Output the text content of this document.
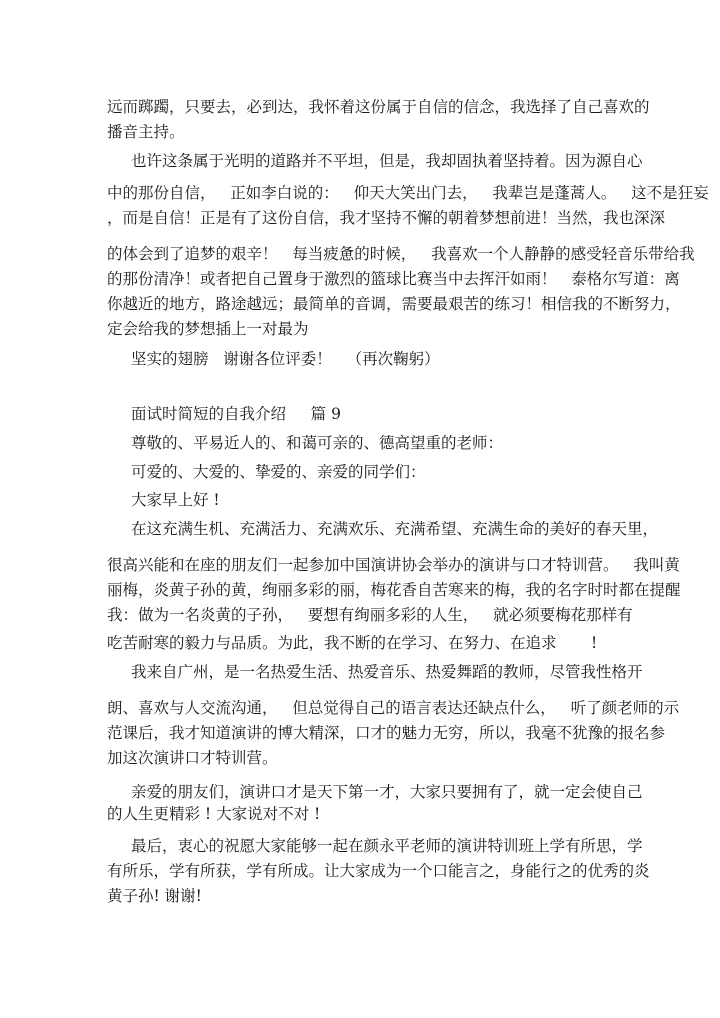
远而踯躅，只要去，必到达，我怀着这份属于自信的信念，我选择了自己喜欢的
播音主持。
也许这条属于光明的道路并不平坦，但是，我却固执着坚持着。因为源自心
中的那份自信，   正如李白说的：   仰天大笑出门去，   我辈岂是蓬蒿人。   这不是狂妄
，而是自信！正是有了这份自信，我才坚持不懈的朝着梦想前进！当然，我也深深
的体会到了追梦的艰辛！   每当疲惫的时候，   我喜欢一个人静静的感受轻音乐带给我
的那份清净！或者把自己置身于激烈的篮球比赛当中去挥汗如雨！   泰格尔写道：离
你越近的地方，路途越远；最简单的音调，需要最艰苦的练习！相信我的不断努力，
定会给我的梦想插上一对最为
坚实的翅膀   谢谢各位评委！   （再次鞠躬）
面试时简短的自我介绍     篇 9
尊敬的、平易近人的、和蔼可亲的、德高望重的老师：
可爱的、大爱的、挚爱的、亲爱的同学们：
大家早上好 !
在这充满生机、充满活力、充满欢乐、充满希望、充满生命的美好的春天里，
很高兴能和在座的朋友们一起参加中国演讲协会举办的演讲与口才特训营。   我叫黄
丽梅，炎黄子孙的黄，绚丽多彩的丽，梅花香自苦寒来的梅，我的名字时时都在提醒
我：做为一名炎黄的子孙，   要想有绚丽多彩的人生，   就必须要梅花那样有
吃苦耐寒的毅力与品质。为此，我不断的在学习、在努力、在追求       !
我来自广州，是一名热爱生活、热爱音乐、热爱舞蹈的教师，尽管我性格开
朗、喜欢与人交流沟通，   但总觉得自己的语言表达还缺点什么，   听了颜老师的示
范课后，我才知道演讲的博大精深，口才的魅力无穷，所以，我毫不犹豫的报名参
加这次演讲口才特训营。
亲爱的朋友们，演讲口才是天下第一才，大家只要拥有了，就一定会使自己
的人生更精彩 ! 大家说对不对 !
最后，衷心的祝愿大家能够一起在颜永平老师的演讲特训班上学有所思，学
有所乐，学有所获，学有所成。让大家成为一个口能言之，身能行之的优秀的炎
黄子孙! 谢谢!
